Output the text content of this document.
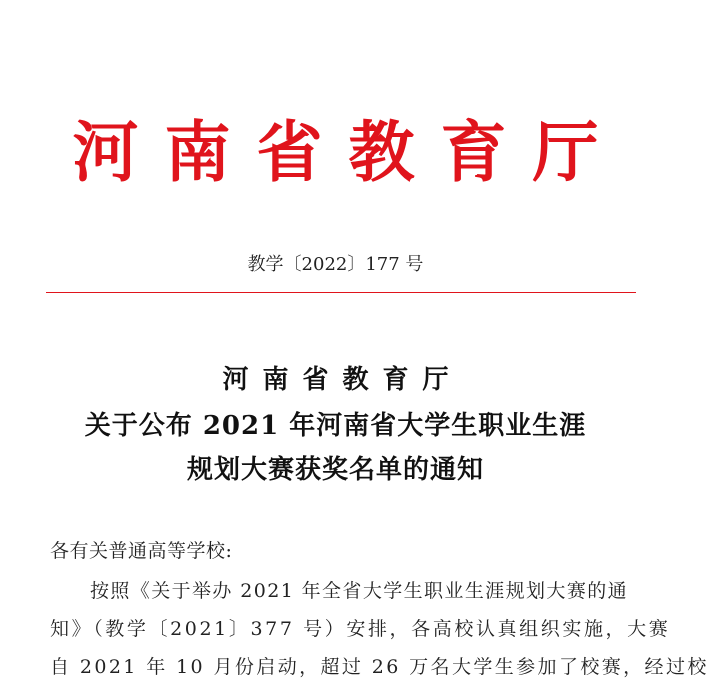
河南省教育厅
教学〔2022〕177 号
河南省教育厅
关于公布 2021 年河南省大学生职业生涯
规划大赛获奖名单的通知
各有关普通高等学校:
按照《关于举办 2021 年全省大学生职业生涯规划大赛的通
知》（教学〔2021〕377 号）安排，各高校认真组织实施，大赛
自 2021 年 10 月份启动，超过 26 万名大学生参加了校赛，经过校
